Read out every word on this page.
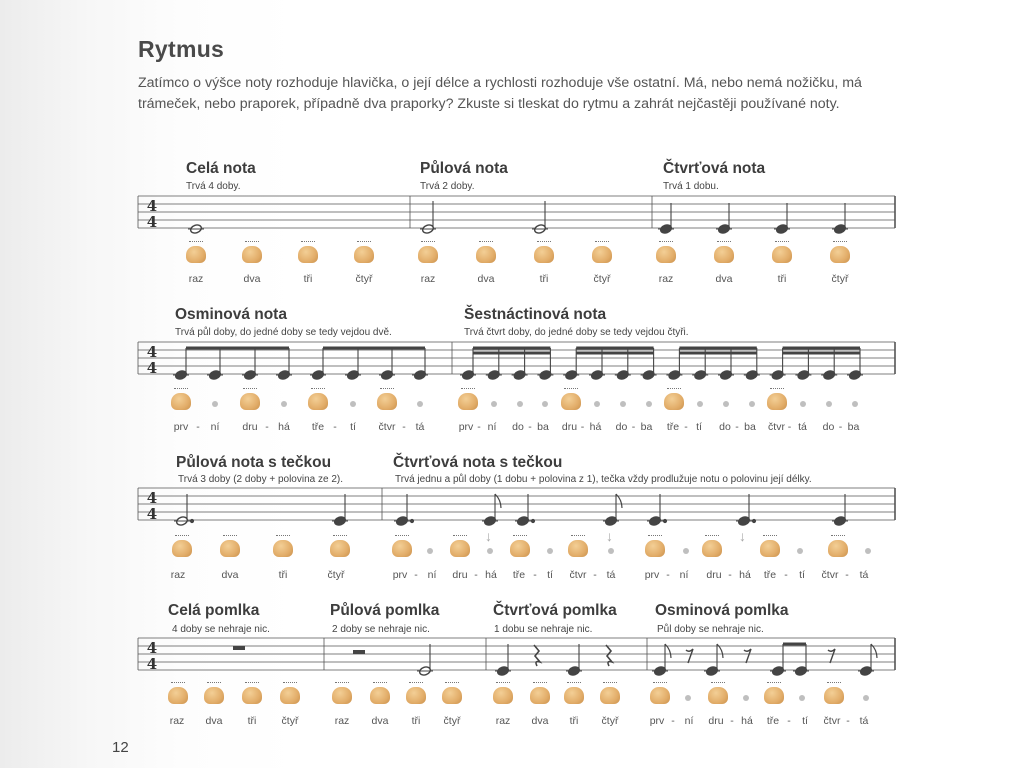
Rytmus
Zatímco o výšce noty rozhoduje hlavička, o její délce a rychlosti rozhoduje vše ostatní. Má, nebo nemá nožičku, má trámeček, nebo praporek, případně dva praporky? Zkuste si tleskat do rytmu a zahrát nejčastěji používané noty.
Celá nota
Trvá 4 doby.
Půlová nota
Trvá 2 doby.
Čtvrťová nota
Trvá 1 dobu.
Osminová nota
Trvá půl doby, do jedné doby se tedy vejdou dvě.
Šestnáctinová nota
Trvá čtvrt doby, do jedné doby se tedy vejdou čtyři.
Půlová nota s tečkou
Trvá 3 doby (2 doby + polovina ze 2).
Čtvrťová nota s tečkou
Trvá jednu a půl doby (1 dobu + polovina z 1), tečka vždy prodlužuje notu o polovinu její délky.
Celá pomlka
4 doby se nehraje nic.
Půlová pomlka
2 doby se nehraje nic.
Čtvrťová pomlka
1 dobu se nehraje nic.
Osminová pomlka
Půl doby se nehraje nic.
4
4
4
4
4
4
4
4
raz	dva	tři	čtyř	raz	dva	tři	čtyř	raz	dva	tři	čtyř
prv - ní dru - há tře - tí čtvr - tá	prv - ní do - ba dru - há do - ba tře - tí do - ba čtvr - tá do - ba
raz	dva	tři	čtyř
↓	↓
prv - ní dru - há tře - tí čtvr - tá
↓
prv - ní dru - há tře - tí čtvr - tá
raz dva tři čtyř	raz dva tři čtyř	raz dva tři čtyř	prv - ní dru - há tře - tí čtvr - tá
12
